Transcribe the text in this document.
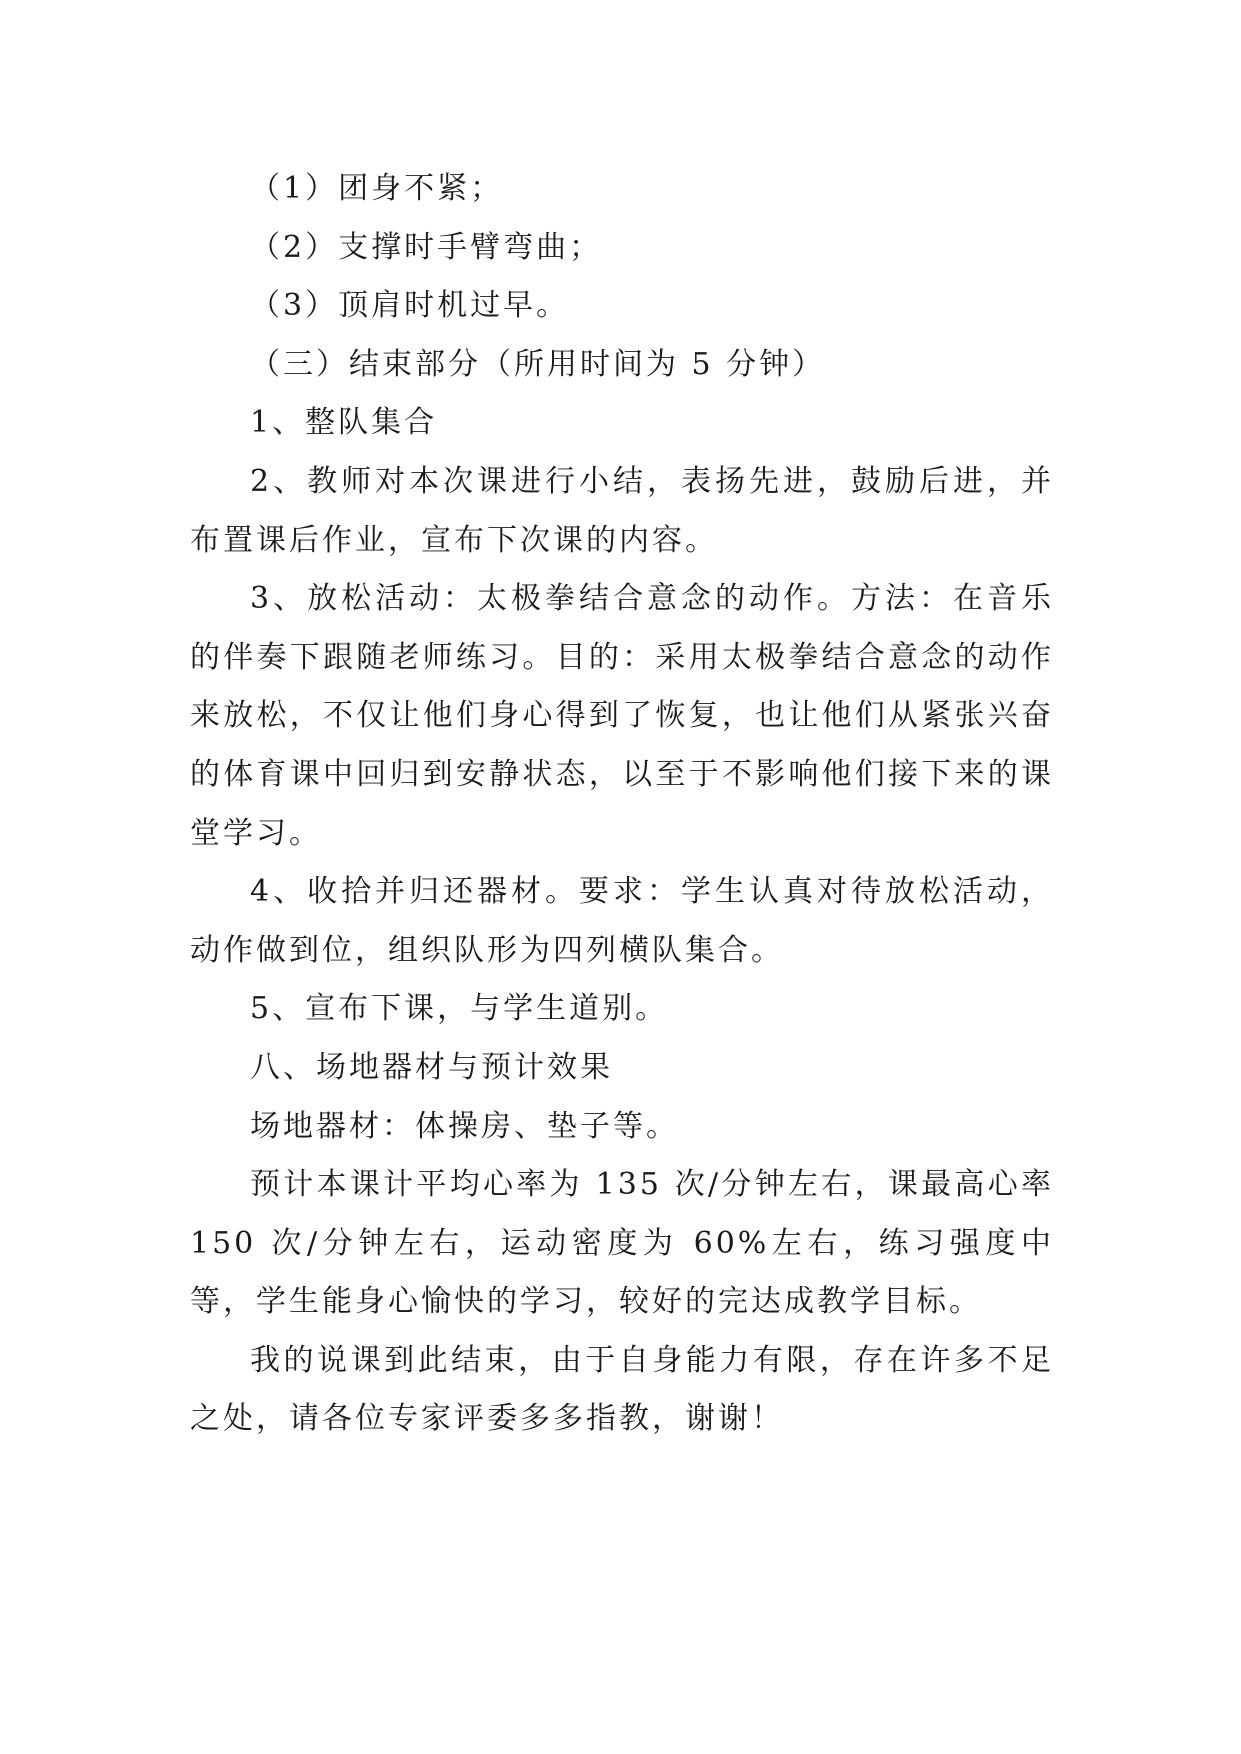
（1）团身不紧；

（2）支撑时手臂弯曲；

（3）顶肩时机过早。

（三）结束部分（所用时间为 5 分钟）

1、整队集合

2、教师对本次课进行小结，表扬先进，鼓励后进，并布置课后作业，宣布下次课的内容。

3、放松活动：太极拳结合意念的动作。方法：在音乐的伴奏下跟随老师练习。目的：采用太极拳结合意念的动作来放松，不仅让他们身心得到了恢复，也让他们从紧张兴奋的体育课中回归到安静状态，以至于不影响他们接下来的课堂学习。

4、收拾并归还器材。要求：学生认真对待放松活动，动作做到位，组织队形为四列横队集合。

5、宣布下课，与学生道别。

八、场地器材与预计效果

场地器材：体操房、垫子等。

预计本课计平均心率为 135 次/分钟左右，课最高心率 150 次/分钟左右，运动密度为 60%左右，练习强度中等，学生能身心愉快的学习，较好的完达成教学目标。

我的说课到此结束，由于自身能力有限，存在许多不足之处，请各位专家评委多多指教，谢谢！
